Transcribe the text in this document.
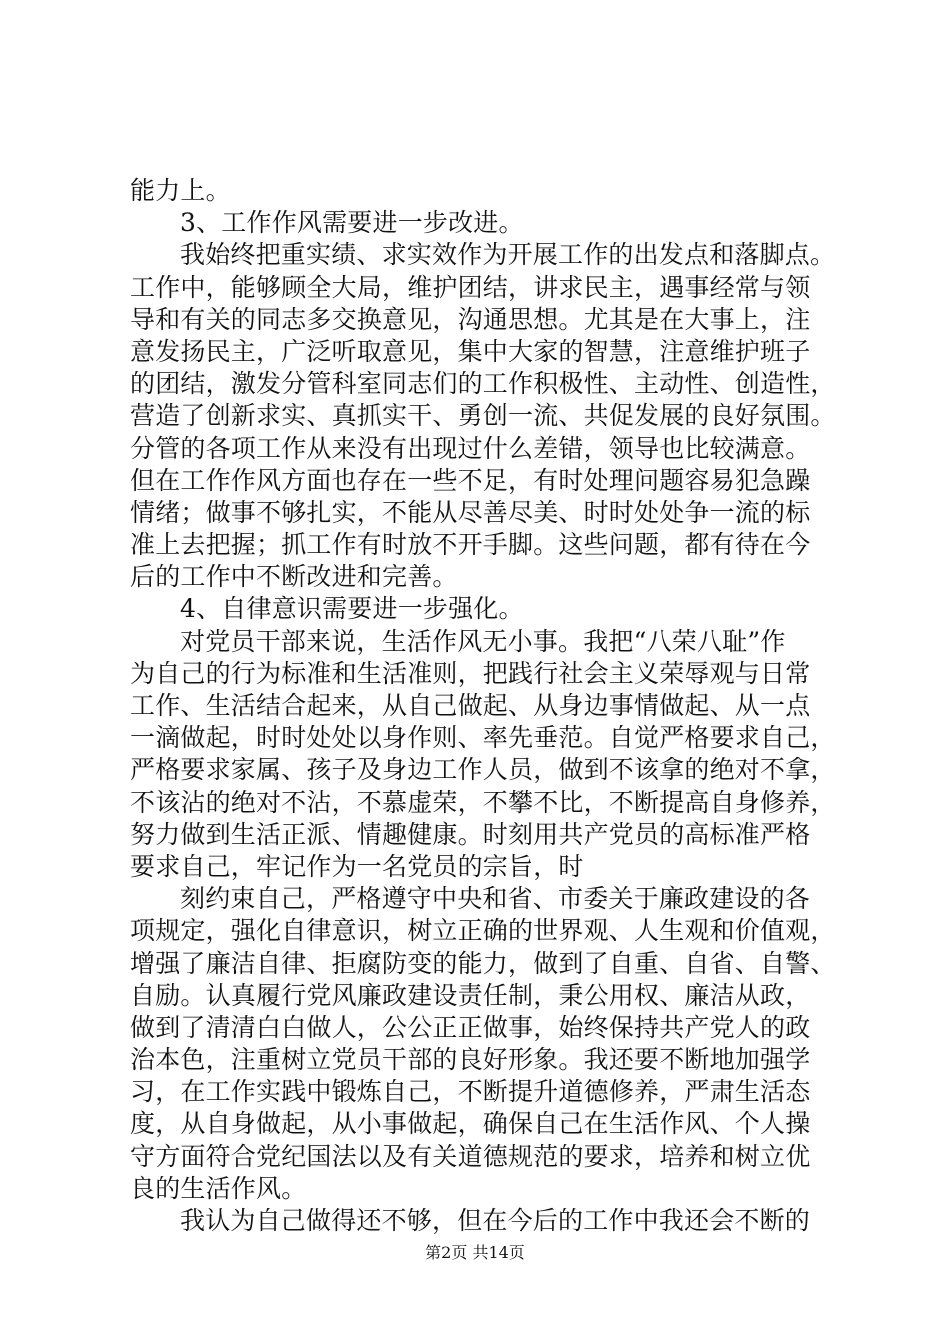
能力上。
3、工作作风需要进一步改进。
我始终把重实绩、求实效作为开展工作的出发点和落脚点。
工作中，能够顾全大局，维护团结，讲求民主，遇事经常与领
导和有关的同志多交换意见，沟通思想。尤其是在大事上，注
意发扬民主，广泛听取意见，集中大家的智慧，注意维护班子
的团结，激发分管科室同志们的工作积极性、主动性、创造性，
营造了创新求实、真抓实干、勇创一流、共促发展的良好氛围。
分管的各项工作从来没有出现过什么差错，领导也比较满意。
但在工作作风方面也存在一些不足，有时处理问题容易犯急躁
情绪；做事不够扎实，不能从尽善尽美、时时处处争一流的标
准上去把握；抓工作有时放不开手脚。这些问题，都有待在今
后的工作中不断改进和完善。
4、自律意识需要进一步强化。
对党员干部来说，生活作风无小事。我把“八荣八耻”作
为自己的行为标准和生活准则，把践行社会主义荣辱观与日常
工作、生活结合起来，从自己做起、从身边事情做起、从一点
一滴做起，时时处处以身作则、率先垂范。自觉严格要求自己，
严格要求家属、孩子及身边工作人员，做到不该拿的绝对不拿，
不该沾的绝对不沾，不慕虚荣，不攀不比，不断提高自身修养，
努力做到生活正派、情趣健康。时刻用共产党员的高标准严格
要求自己，牢记作为一名党员的宗旨，时
刻约束自己，严格遵守中央和省、市委关于廉政建设的各
项规定，强化自律意识，树立正确的世界观、人生观和价值观，
增强了廉洁自律、拒腐防变的能力，做到了自重、自省、自警、
自励。认真履行党风廉政建设责任制，秉公用权、廉洁从政，
做到了清清白白做人，公公正正做事，始终保持共产党人的政
治本色，注重树立党员干部的良好形象。我还要不断地加强学
习，在工作实践中锻炼自己，不断提升道德修养，严肃生活态
度，从自身做起，从小事做起，确保自己在生活作风、个人操
守方面符合党纪国法以及有关道德规范的要求，培养和树立优
良的生活作风。
我认为自己做得还不够，但在今后的工作中我还会不断的
第2页 共14页
